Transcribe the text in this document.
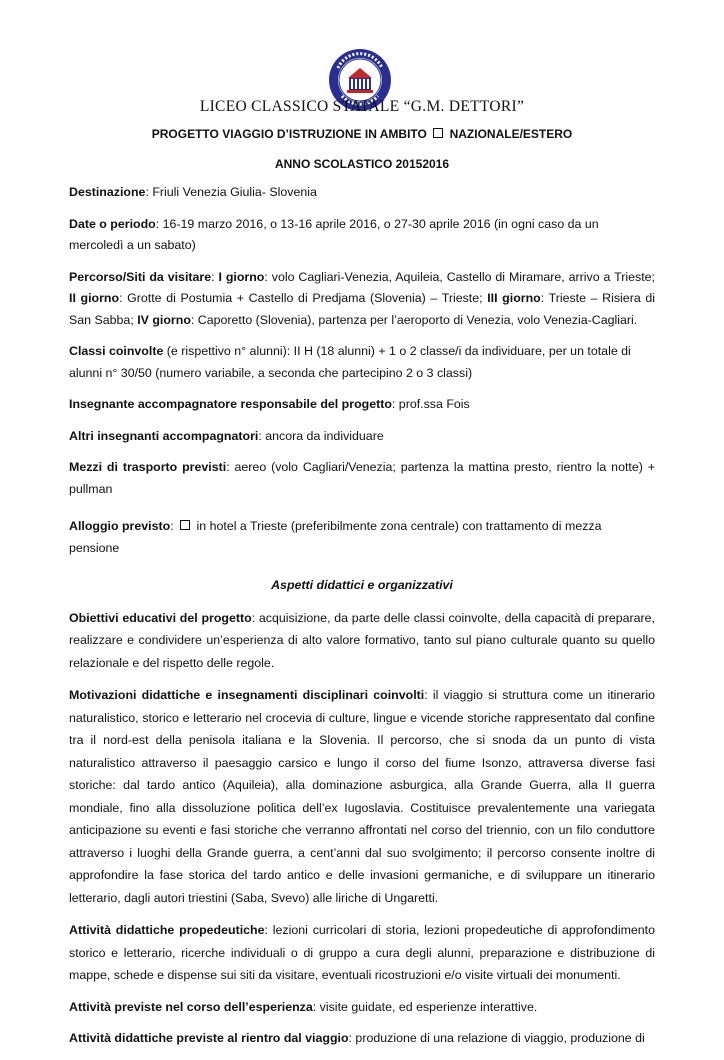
LICEO CLASSICO STATALE “G.M. DETTORI”
PROGETTO VIAGGIO D’ISTRUZIONE IN AMBITO NAZIONALE/ESTERO
ANNO SCOLASTICO 20152016

Destinazione: Friuli Venezia Giulia- Slovenia

Date o periodo: 16-19 marzo 2016, o 13-16 aprile 2016, o 27-30 aprile 2016 (in ogni caso da un mercoledì a un sabato)

Percorso/Siti da visitare: I giorno: volo Cagliari-Venezia, Aquileia, Castello di Miramare, arrivo a Trieste; II giorno: Grotte di Postumia + Castello di Predjama (Slovenia) – Trieste; III giorno: Trieste – Risiera di San Sabba; IV giorno: Caporetto (Slovenia), partenza per l’aeroporto di Venezia, volo Venezia-Cagliari.

Classi coinvolte (e rispettivo n° alunni): II H (18 alunni) + 1 o 2 classe/i da individuare, per un totale di alunni n° 30/50 (numero variabile, a seconda che partecipino 2 o 3 classi)

Insegnante accompagnatore responsabile del progetto: prof.ssa Fois

Altri insegnanti accompagnatori: ancora da individuare

Mezzi di trasporto previsti: aereo (volo Cagliari/Venezia; partenza la mattina presto, rientro la notte) + pullman

Alloggio previsto:  in hotel a Trieste (preferibilmente zona centrale) con trattamento di mezza pensione

Aspetti didattici e organizzativi

Obiettivi educativi del progetto: acquisizione, da parte delle classi coinvolte, della capacità di preparare, realizzare e condividere un’esperienza di alto valore formativo, tanto sul piano culturale quanto su quello relazionale e del rispetto delle regole.

Motivazioni didattiche e insegnamenti disciplinari coinvolti: il viaggio si struttura come un itinerario naturalistico, storico e letterario nel crocevia di culture, lingue e vicende storiche rappresentato dal confine tra il nord-est della penisola italiana e la Slovenia. Il percorso, che si snoda da un punto di vista naturalistico attraverso il paesaggio carsico e lungo il corso del fiume Isonzo, attraversa diverse fasi storiche: dal tardo antico (Aquileia), alla dominazione asburgica, alla Grande Guerra, alla II guerra mondiale, fino alla dissoluzione politica dell’ex Iugoslavia. Costituisce prevalentemente una variegata anticipazione su eventi e fasi storiche che verranno affrontati nel corso del triennio, con un filo conduttore attraverso i luoghi della Grande guerra, a cent’anni dal suo svolgimento; il percorso consente inoltre di approfondire la fase storica del tardo antico e delle invasioni germaniche, e di sviluppare un itinerario letterario, dagli autori triestini (Saba, Svevo) alle liriche di Ungaretti.

Attività didattiche propedeutiche: lezioni curricolari di storia, lezioni propedeutiche di approfondimento storico e letterario, ricerche individuali o di gruppo a cura degli alunni, preparazione e distribuzione di mappe, schede e dispense sui siti da visitare, eventuali ricostruzioni e/o visite virtuali dei monumenti.

Attività previste nel corso dell’esperienza: visite guidate, ed esperienze interattive.

Attività didattiche previste al rientro dal viaggio: produzione di una relazione di viaggio, produzione di
